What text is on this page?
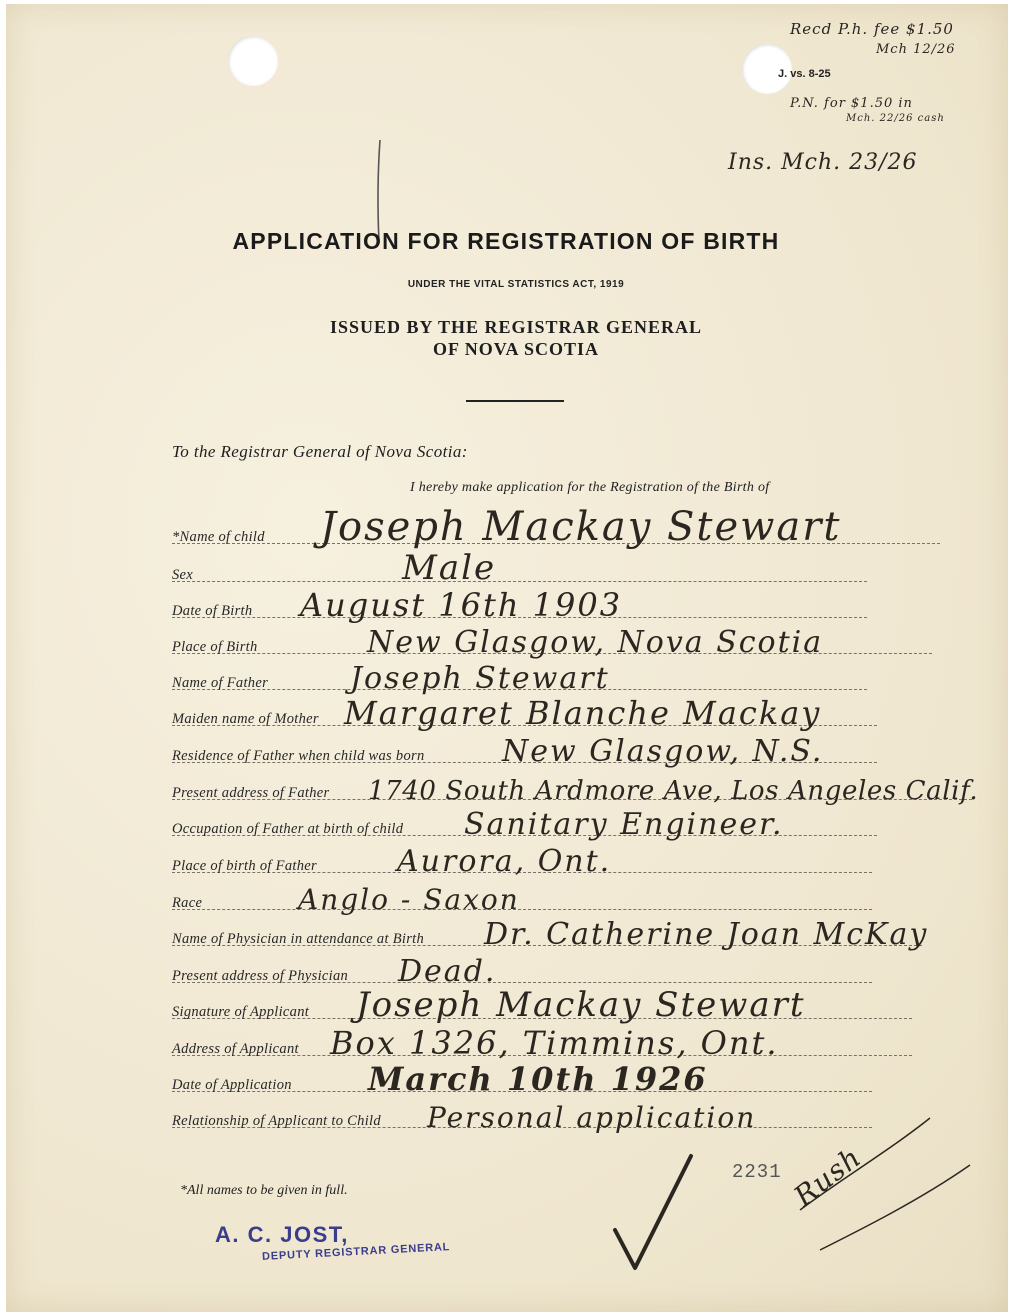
Recd P.h. fee $1.50
Mch 12/26
J. vs. 8-25
P.N. for $1.50 in
Mch. 22/26 cash
Ins. Mch. 23/26
APPLICATION FOR REGISTRATION OF BIRTH
UNDER THE VITAL STATISTICS ACT, 1919
ISSUED BY THE REGISTRAR GENERAL
OF NOVA SCOTIA
To the Registrar General of Nova Scotia:
I hereby make application for the Registration of the Birth of
*Name of child Joseph Mackay Stewart
Sex	Male
Date of Birth August 16th 1903
Place of Birth	New Glasgow, Nova Scotia
Name of Father	Joseph Stewart
Maiden name of Mother Margaret Blanche Mackay
Residence of Father when child was born	New Glasgow, N.S.
Present address of Father 1740 South Ardmore Ave, Los Angeles Calif.
Occupation of Father at birth of child Sanitary Engineer.
Place of birth of Father	Aurora, Ont.
Race	Anglo - Saxon
Name of Physician in attendance at Birth Dr. Catherine Joan McKay
Present address of Physician Dead.
Signature of Applicant Joseph Mackay Stewart
Address of Applicant Box 1326, Timmins, Ont.
Date of Application March 10th 1926
Relationship of Applicant to Child Personal application
*All names to be given in full.
A. C. JOST,
DEPUTY REGISTRAR GENERAL
2231 Rush
